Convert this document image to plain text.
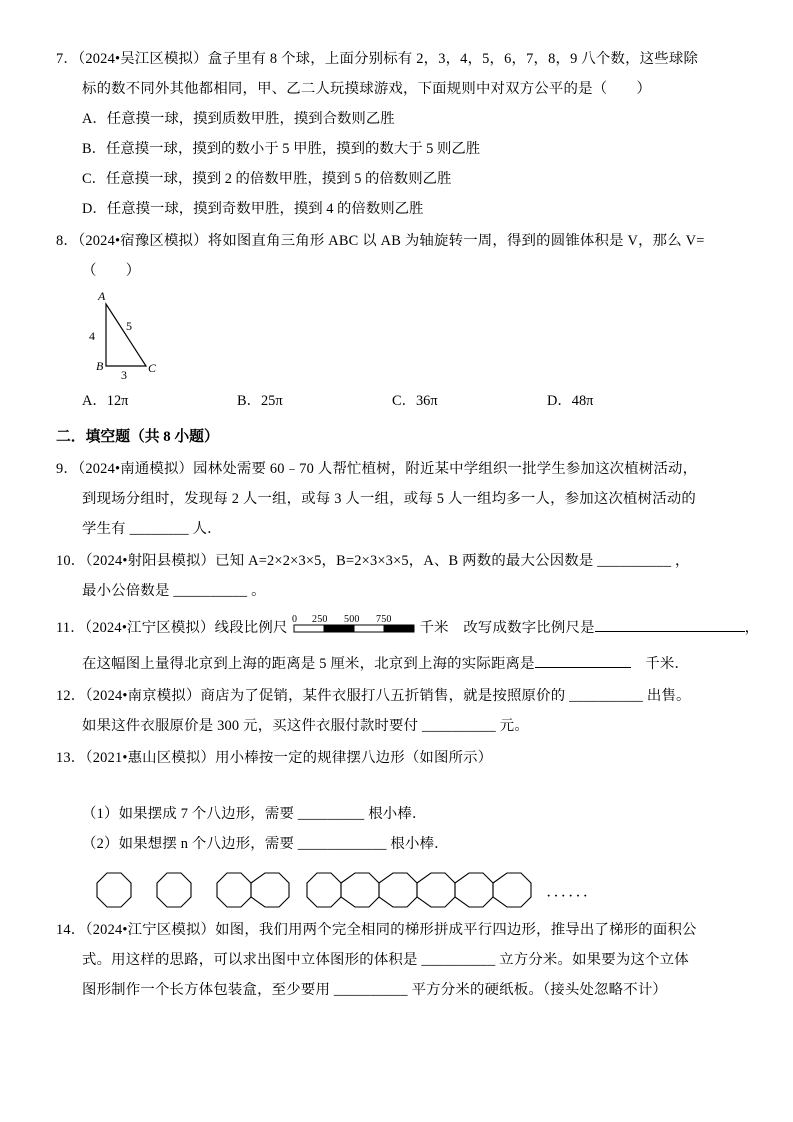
7．（2024•吴江区模拟）盒子里有 8 个球，上面分别标有 2，3，4，5，6，7，8，9 八个数，这些球除
标的数不同外其他都相同，甲、乙二人玩摸球游戏，下面规则中对双方公平的是（　　）
A．任意摸一球，摸到质数甲胜，摸到合数则乙胜
B．任意摸一球，摸到的数小于 5 甲胜，摸到的数大于 5 则乙胜
C．任意摸一球，摸到 2 的倍数甲胜，摸到 5 的倍数则乙胜
D．任意摸一球，摸到奇数甲胜，摸到 4 的倍数则乙胜
8．（2024•宿豫区模拟）将如图直角三角形 ABC 以 AB 为轴旋转一周，得到的圆锥体积是 V，那么 V=
（　　）
A
B	C
4
5
3
A．12π	B．25π	C．36π	D．48π
二．填空题（共 8 小题）
9．（2024•南通模拟）园林处需要 60﹣70 人帮忙植树，附近某中学组织一批学生参加这次植树活动，
到现场分组时，发现每 2 人一组，或每 3 人一组，或每 5 人一组均多一人，参加这次植树活动的
学生有 ________ 人．
10．（2024•射阳县模拟）已知 A=2×2×3×5，B=2×3×3×5，A、B 两数的最大公因数是 __________ ，
最小公倍数是 __________ 。
11．（2024•江宁区模拟）线段比例尺
0 250 500 750
千米　改写成数字比例尺是	，
在这幅图上量得北京到上海的距离是 5 厘米，北京到上海的实际距离是	　千米．
12．（2024•南京模拟）商店为了促销，某件衣服打八五折销售，就是按照原价的 __________ 出售。
如果这件衣服原价是 300 元，买这件衣服付款时要付 __________ 元。
13．（2021•惠山区模拟）用小棒按一定的规律摆八边形（如图所示）
（1）如果摆成 7 个八边形，需要 _________ 根小棒．
（2）如果想摆 n 个八边形，需要 ____________ 根小棒．
······
14．（2024•江宁区模拟）如图，我们用两个完全相同的梯形拼成平行四边形，推导出了梯形的面积公
式。用这样的思路，可以求出图中立体图形的体积是 __________ 立方分米。如果要为这个立体
图形制作一个长方体包装盒，至少要用 __________ 平方分米的硬纸板。（接头处忽略不计）
